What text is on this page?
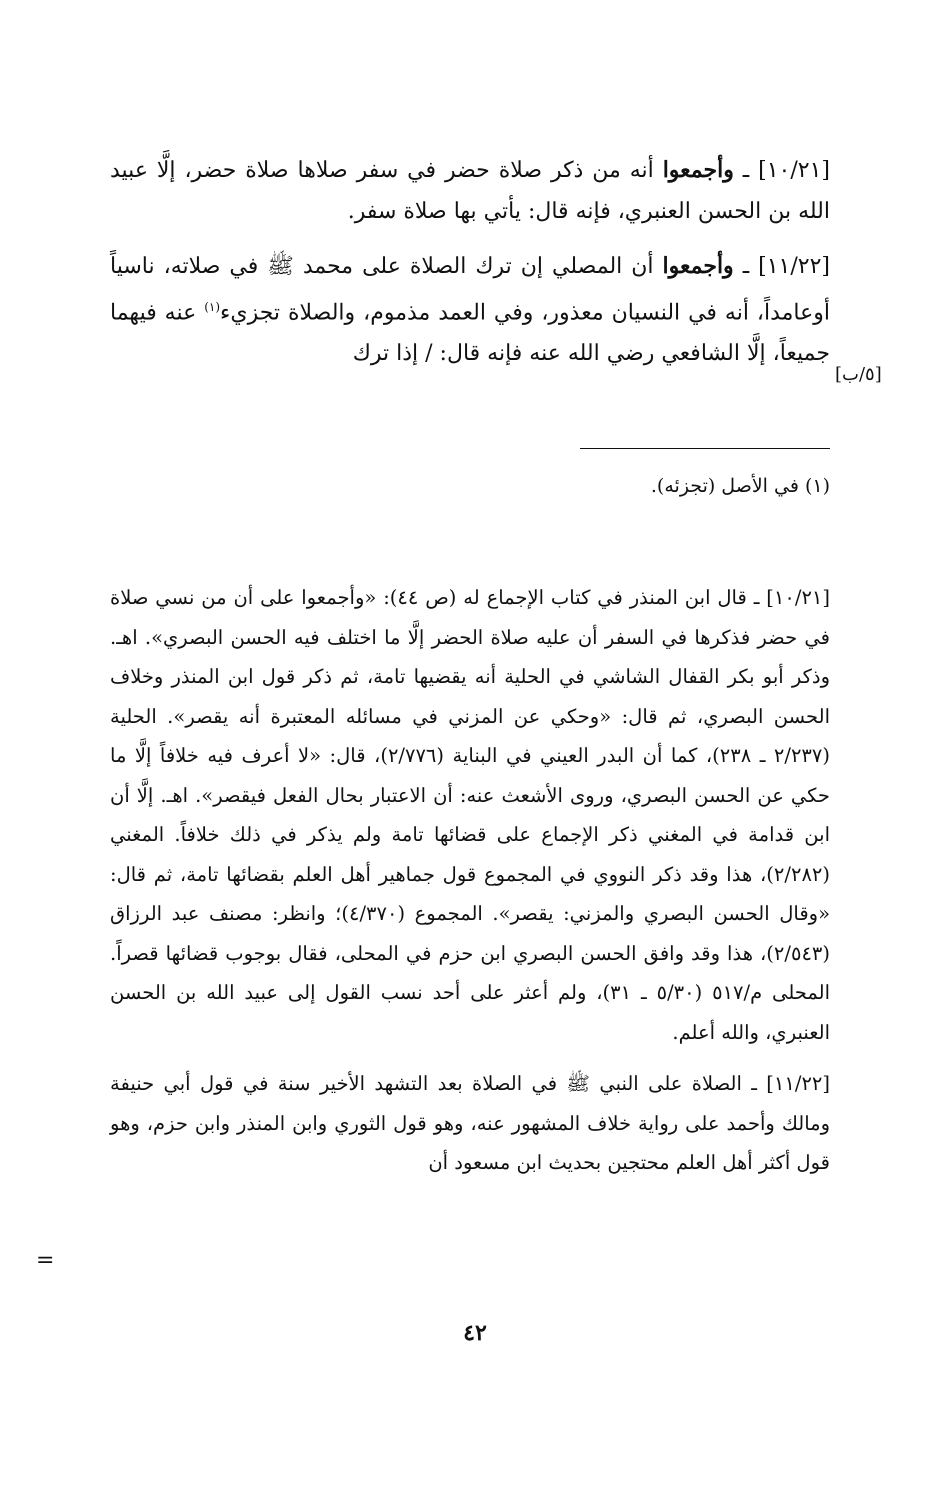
[١٠/٢١] ـ وأجمعوا أنه من ذكر صلاة حضر في سفر صلاها صلاة حضر، إلَّا عبيد الله بن الحسن العنبري، فإنه قال: يأتي بها صلاة سفر.

[١١/٢٢] ـ وأجمعوا أن المصلي إن ترك الصلاة على محمد ﷺ في صلاته، ناسياً أوعامداً، أنه في النسيان معذور، وفي العمد مذموم، والصلاة تجزيء$^{(١)}$ عنه فيهما جميعاً، إلَّا الشافعي رضي الله عنه فإنه قال: / إذا ترك

[٥/ب]

(١) في الأصل (تجزئه).

[١٠/٢١] ـ قال ابن المنذر في كتاب الإجماع له (ص ٤٤): «وأجمعوا على أن من نسي صلاة في حضر فذكرها في السفر أن عليه صلاة الحضر إلَّا ما اختلف فيه الحسن البصري». اهـ. وذكر أبو بكر القفال الشاشي في الحلية أنه يقضيها تامة، ثم ذكر قول ابن المنذر وخلاف الحسن البصري، ثم قال: «وحكي عن المزني في مسائله المعتبرة أنه يقصر». الحلية (٢/٢٣٧ ـ ٢٣٨)، كما أن البدر العيني في البناية (٢/٧٧٦)، قال: «لا أعرف فيه خلافاً إلَّا ما حكي عن الحسن البصري، وروى الأشعث عنه: أن الاعتبار بحال الفعل فيقصر». اهـ. إلَّا أن ابن قدامة في المغني ذكر الإجماع على قضائها تامة ولم يذكر في ذلك خلافاً. المغني (٢/٢٨٢)، هذا وقد ذكر النووي في المجموع قول جماهير أهل العلم بقضائها تامة، ثم قال: «وقال الحسن البصري والمزني: يقصر». المجموع (٤/٣٧٠)؛ وانظر: مصنف عبد الرزاق (٢/٥٤٣)، هذا وقد وافق الحسن البصري ابن حزم في المحلى، فقال بوجوب قضائها قصراً. المحلى م/٥١٧ (٥/٣٠ ـ ٣١)، ولم أعثر على أحد نسب القول إلى عبيد الله بن الحسن العنبري، والله أعلم.

[١١/٢٢] ـ الصلاة على النبي ﷺ في الصلاة بعد التشهد الأخير سنة في قول أبي حنيفة ومالك وأحمد على رواية خلاف المشهور عنه، وهو قول الثوري وابن المنذر وابن حزم، وهو قول أكثر أهل العلم محتجين بحديث ابن مسعود أن

=
٤٢
